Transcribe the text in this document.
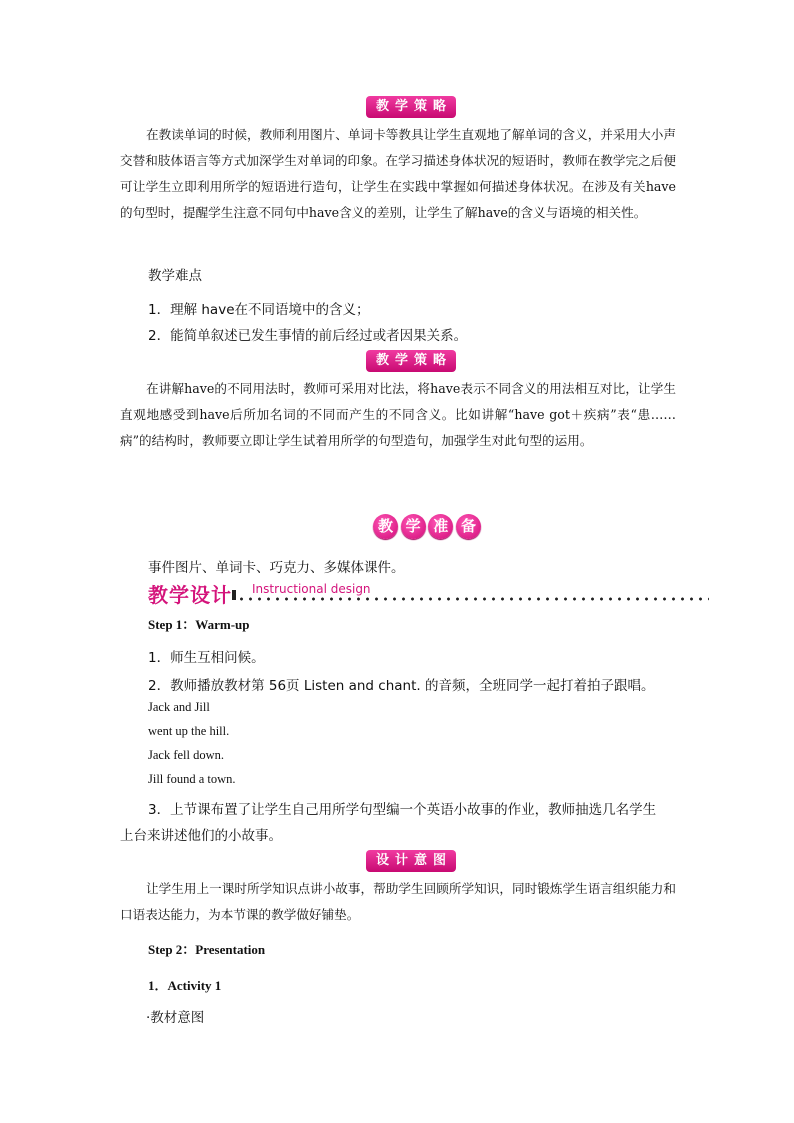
教学策略
在教读单词的时候，教师利用图片、单词卡等教具让学生直观地了解单词的含义，并采用大小声交替和肢体语言等方式加深学生对单词的印象。在学习描述身体状况的短语时，教师在教学完之后便可让学生立即利用所学的短语进行造句，让学生在实践中掌握如何描述身体状况。在涉及有关have的句型时，提醒学生注意不同句中have含义的差别，让学生了解have的含义与语境的相关性。
教学难点
1．理解 have在不同语境中的含义；
2．能简单叙述已发生事情的前后经过或者因果关系。
教学策略
在讲解have的不同用法时，教师可采用对比法，将have表示不同含义的用法相互对比，让学生直观地感受到have后所加名词的不同而产生的不同含义。比如讲解“have got＋疾病”表“患……病”的结构时，教师要立即让学生试着用所学的句型造句，加强学生对此句型的运用。
教 学 准 备
事件图片、单词卡、巧克力、多媒体课件。
教学设计 Instructional design
Step 1：Warm-up
1．师生互相问候。
2．教师播放教材第 56页 Listen and chant. 的音频，全班同学一起打着拍子跟唱。
Jack and Jill
went up the hill.
Jack fell down.
Jill found a town.
3．上节课布置了让学生自己用所学句型编一个英语小故事的作业，教师抽选几名学生
上台来讲述他们的小故事。
设计意图
让学生用上一课时所学知识点讲小故事，帮助学生回顾所学知识，同时锻炼学生语言组织能力和口语表达能力，为本节课的教学做好铺垫。
Step 2：Presentation
1．Activity 1
·教材意图
